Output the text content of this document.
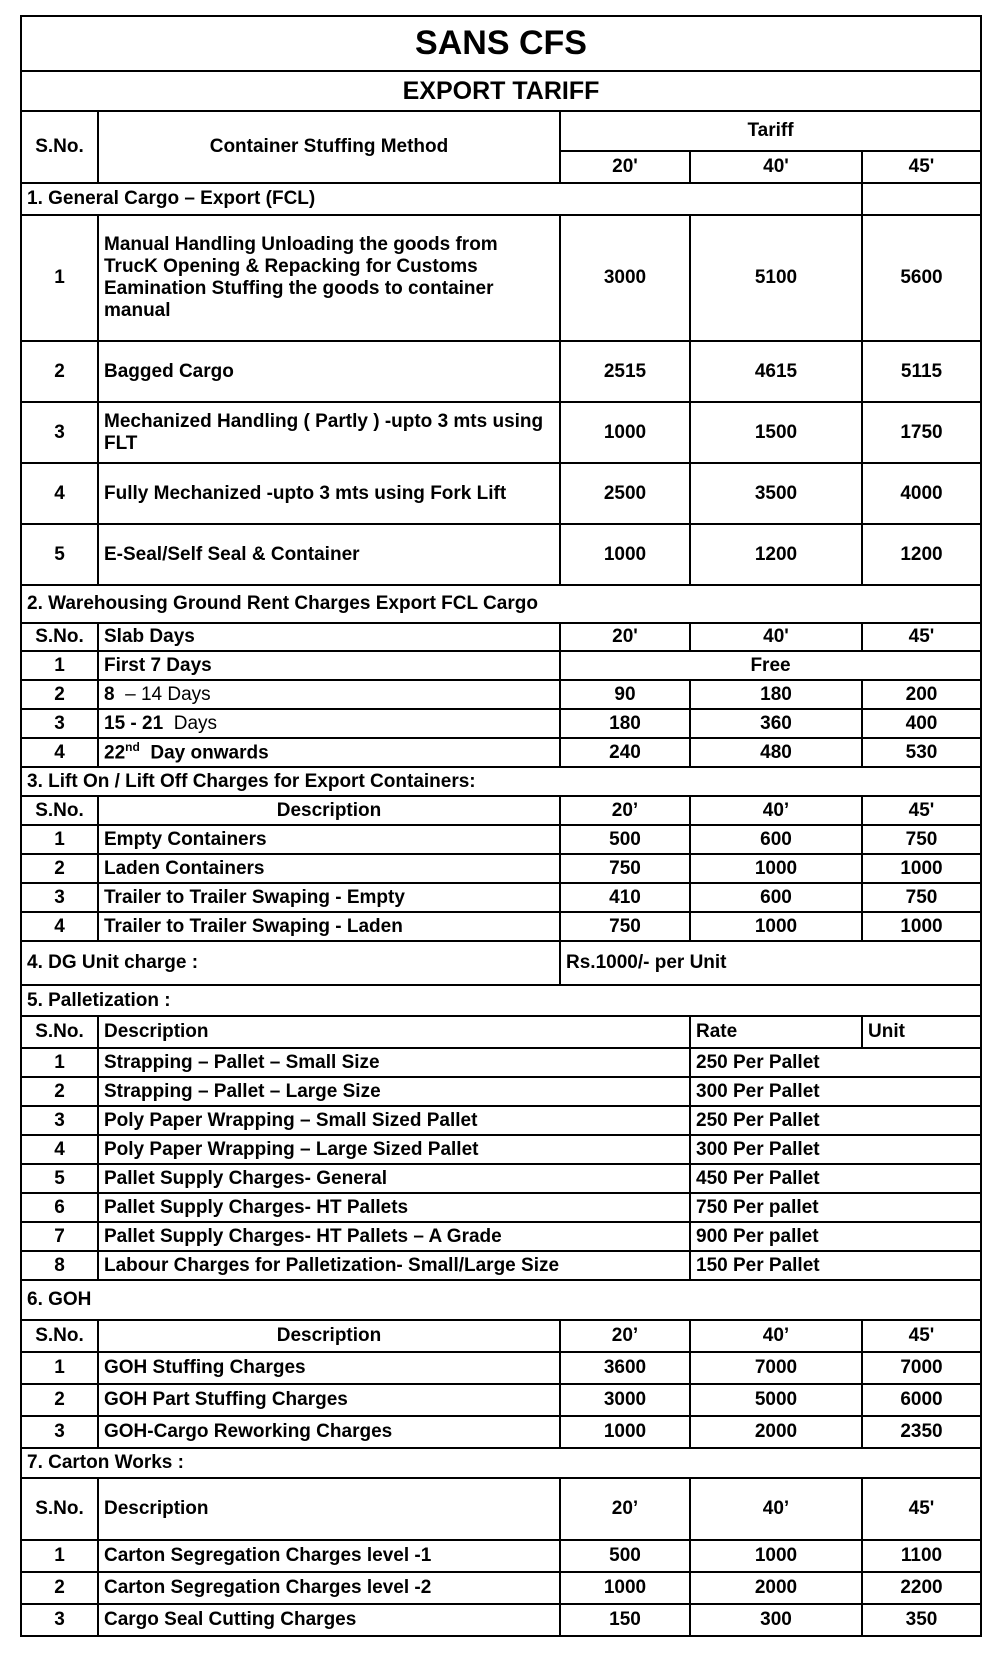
SANS CFS				
EXPORT TARIFF				
S.No.	Container Stuffing Method	Tariff		
		20'	40'	45'
1. General Cargo – Export (FCL)				
1	Manual Handling Unloading the goods from TrucK Opening & Repacking for Customs Eamination Stuffing the goods to container manual	3000	5100	5600
2	Bagged Cargo	2515	4615	5115
3	Mechanized Handling ( Partly ) -upto 3 mts using FLT	1000	1500	1750
4	Fully Mechanized -upto 3 mts using Fork Lift	2500	3500	4000
5	E-Seal/Self Seal & Container	1000	1200	1200
2. Warehousing Ground Rent Charges Export FCL Cargo				
S.No.	Slab Days	20'	40'	45'
1	First 7 Days	Free		
2	8 – 14 Days	90	180	200
3	15 - 21 Days	180	360	400
4	22nd Day onwards	240	480	530
3. Lift On / Lift Off Charges for Export Containers:				
S.No.	Description	20’	40’	45'
1	Empty Containers	500	600	750
2	Laden Containers	750	1000	1000
3	Trailer to Trailer Swaping - Empty	410	600	750
4	Trailer to Trailer Swaping - Laden	750	1000	1000
4. DG Unit charge :		Rs.1000/- per Unit		
5. Palletization :				
S.No.	Description		Rate	Unit
1	Strapping – Pallet – Small Size		250 Per Pallet	
2	Strapping – Pallet – Large Size		300 Per Pallet	
3	Poly Paper Wrapping – Small Sized Pallet		250 Per Pallet	
4	Poly Paper Wrapping – Large Sized Pallet		300 Per Pallet	
5	Pallet Supply Charges- General		450 Per Pallet	
6	Pallet Supply Charges- HT Pallets		750 Per pallet	
7	Pallet Supply Charges- HT Pallets – A Grade		900 Per pallet	
8	Labour Charges for Palletization- Small/Large Size		150 Per Pallet	
6. GOH				
S.No.	Description	20’	40’	45'
1	GOH Stuffing Charges	3600	7000	7000
2	GOH Part Stuffing Charges	3000	5000	6000
3	GOH-Cargo Reworking Charges	1000	2000	2350
7. Carton Works :				
S.No.	Description	20’	40’	45'
1	Carton Segregation Charges level -1	500	1000	1100
2	Carton Segregation Charges level -2	1000	2000	2200
3	Cargo Seal Cutting Charges	150	300	350
